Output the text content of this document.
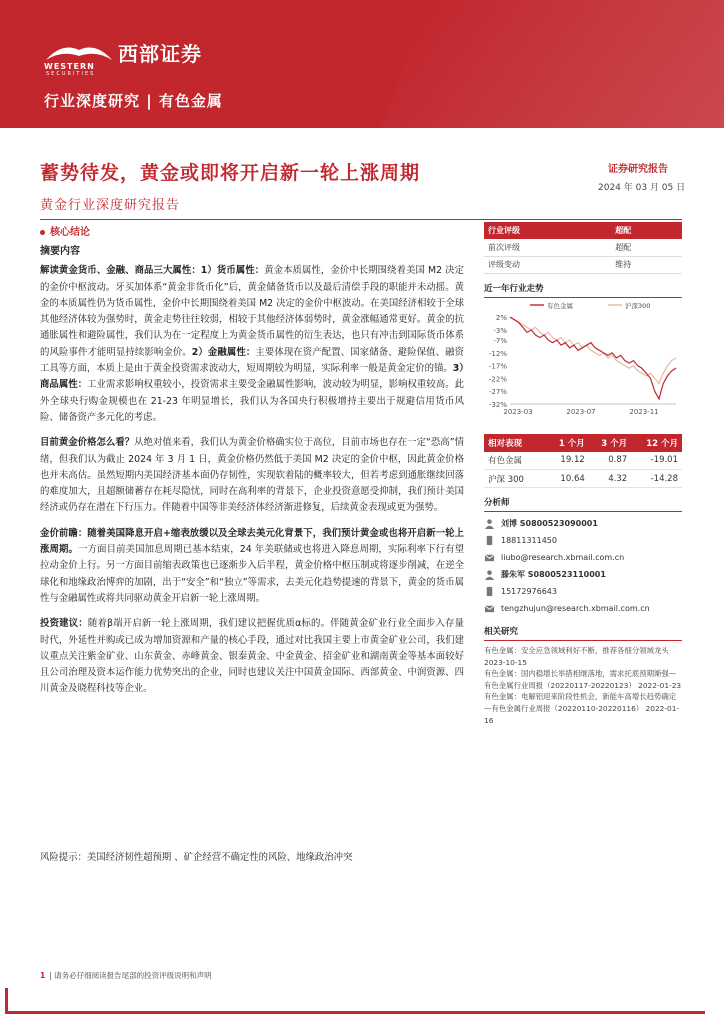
西部证券
WESTERN
SECURITIES
行业深度研究 | 有色金属
蓄势待发，黄金或即将开启新一轮上涨周期
黄金行业深度研究报告
证券研究报告
2024 年 03 月 05 日
核心结论
摘要内容

解读黄金货币、金融、商品三大属性：1）货币属性：黄金本质属性，金价中长期围绕着美国 M2 决定的金价中枢波动。牙买加体系“黄金非货币化”后，黄金储备货币以及最后清偿手段的职能并未动摇。黄金的本质属性仍为货币属性，金价中长期围绕着美国 M2 决定的金价中枢波动。在美国经济相较于全球其他经济体较为强势时，黄金走势往往较弱，相较于其他经济体弱势时，黄金涨幅通常更好。黄金的抗通胀属性和避险属性，我们认为在一定程度上为黄金货币属性的衍生表达，也只有冲击到国际货币体系的风险事件才能明显持续影响金价。2）金融属性：主要体现在资产配置、国家储备、避险保值、融资工具等方面，本质上是由于黄金投资需求波动大，短周期较为明显，实际利率一般是黄金定价的锚。3）商品属性：工业需求影响权重较小，投资需求主要受金融属性影响，波动较为明显，影响权重较高。此外全球央行购金规模也在 21-23 年明显增长，我们认为各国央行积极增持主要出于规避信用货币风险、储备资产多元化的考虑。

目前黄金价格怎么看？从绝对值来看，我们认为黄金价格确实位于高位，目前市场也存在一定“恐高”情绪，但我们认为截止 2024 年 3 月 1 日，黄金价格仍然低于美国 M2 决定的金价中枢，因此黄金价格也并未高估。虽然短期内美国经济基本面仍存韧性，实现软着陆的概率较大，但若考虑到通胀继续回落的难度加大，且超额储蓄存在耗尽隐忧，同时在高利率的背景下，企业投资意愿受抑制，我们预计美国经济或仍存在潜在下行压力。伴随着中国等非美经济体经济渐进修复，后续黄金表现或更为强势。

金价前瞻：随着美国降息开启+缩表放缓以及全球去美元化背景下，我们预计黄金或也将开启新一轮上涨周期。一方面目前美国加息周期已基本结束，24 年美联储或也将进入降息周期，实际利率下行有望拉动金价上行。另一方面目前缩表政策也已逐渐步入后半程，黄金价格中枢压制或将逐步削减，在逆全球化和地缘政治博弈的加剧，出于“安全”和“独立”等需求，去美元化趋势提速的背景下，黄金的货币属性与金融属性或将共同驱动黄金开启新一轮上涨周期。

投资建议：随着β端开启新一轮上涨周期，我们建议把握优质α标的。伴随黄金矿业行业全面步入存量时代，外延性并购或已成为增加资源和产量的核心手段，通过对比我国主要上市黄金矿业公司，我们建议重点关注紫金矿业、山东黄金、赤峰黄金、银泰黄金、中金黄金、招金矿业和湖南黄金等基本面较好且公司治理及资本运作能力优势突出的企业，同时也建议关注中国黄金国际、西部黄金、中润资源、四川黄金及晓程科技等企业。

风险提示：美国经济韧性超预期 、矿企经营不确定性的风险、地缘政治冲突
行业评级	超配
前次评级	超配
评级变动	维持
近一年行业走势
2%
-3%
-7%
-12%
-17%
-22%
-27%
-32%
2023-03	2023-07	2023-11
有色金属	沪深300
相对表现	1 个月	3 个月	12 个月
有色金属	19.12	0.87	-19.01
沪深 300	10.64	4.32	-14.28
分析师
刘博 S0800523090001
18811311450
liubo@research.xbmail.com.cn
滕朱军 S0800523110001
15172976643
tengzhujun@research.xbmail.com.cn
相关研究
有色金属：安全应急领域利好不断，推荐各细分领域龙头 2023-10-15
有色金属：国内稳增长举措相继落地，需求托底预期渐强—有色金属行业周报（20220117-20220123） 2022-01-23
有色金属：电解铝迎来阶段性机会，新能车高增长趋势确定—有色金属行业周报（20220110-20220116） 2022-01-16
1 | 请务必仔细阅读报告尾部的投资评级说明和声明
